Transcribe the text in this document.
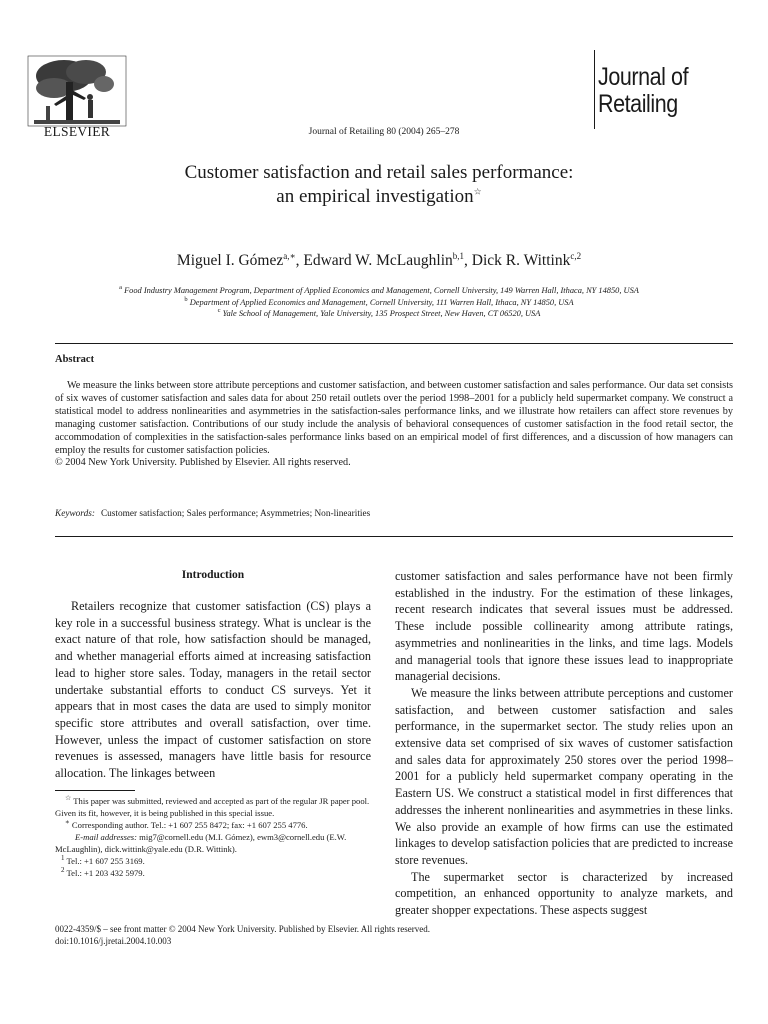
ELSEVIER	Journal of Retailing 80 (2004) 265–278
Journal of
Retailing
Customer satisfaction and retail sales performance:
an empirical investigation☆
Miguel I. Gómez$^{a,∗}$, Edward W. McLaughlin$^{b,1}$, Dick R. Wittink$^{c,2}$
$^a$ Food Industry Management Program, Department of Applied Economics and Management, Cornell University, 149 Warren Hall, Ithaca, NY 14850, USA
$^b$ Department of Applied Economics and Management, Cornell University, 111 Warren Hall, Ithaca, NY 14850, USA
$^c$ Yale School of Management, Yale University, 135 Prospect Street, New Haven, CT 06520, USA
Abstract

We measure the links between store attribute perceptions and customer satisfaction, and between customer satisfaction and sales performance. Our data set consists of six waves of customer satisfaction and sales data for about 250 retail outlets over the period 1998–2001 for a publicly held supermarket company. We construct a statistical model to address nonlinearities and asymmetries in the satisfaction-sales performance links, and we illustrate how retailers can affect store revenues by managing customer satisfaction. Contributions of our study include the analysis of behavioral consequences of customer satisfaction in the food retail sector, the accommodation of complexities in the satisfaction-sales performance links based on an empirical model of first differences, and a discussion of how managers can employ the results for customer satisfaction policies.

© 2004 New York University. Published by Elsevier. All rights reserved.

Keywords: Customer satisfaction; Sales performance; Asymmetries; Non-linearities
Introduction

Retailers recognize that customer satisfaction (CS) plays a key role in a successful business strategy. What is unclear is the exact nature of that role, how satisfaction should be managed, and whether managerial efforts aimed at increasing satisfaction lead to higher store sales. Today, managers in the retail sector undertake substantial efforts to conduct CS surveys. Yet it appears that in most cases the data are used to simply monitor specific store attributes and overall satisfaction, over time. However, unless the impact of customer satisfaction on store revenues is assessed, managers have little basis for resource allocation. The linkages between

customer satisfaction and sales performance have not been firmly established in the industry. For the estimation of these linkages, recent research indicates that several issues must be addressed. These include possible collinearity among attribute ratings, asymmetries and nonlinearities in the links, and time lags. Models and managerial tools that ignore these issues lead to inappropriate managerial decisions.

We measure the links between attribute perceptions and customer satisfaction, and between customer satisfaction and sales performance, in the supermarket sector. The study relies upon an extensive data set comprised of six waves of customer satisfaction and sales data for approximately 250 stores over the period 1998–2001 for a publicly held supermarket company operating in the Eastern US. We construct a statistical model in first differences that addresses the inherent nonlinearities and asymmetries in these links. We also provide an example of how firms can use the estimated linkages to develop satisfaction policies that are predicted to increase store revenues.

The supermarket sector is characterized by increased competition, an enhanced opportunity to analyze markets, and greater shopper expectations. These aspects suggest

☆ This paper was submitted, reviewed and accepted as part of the regular JR paper pool. Given its fit, however, it is being published in this special issue.
∗ Corresponding author. Tel.: +1 607 255 8472; fax: +1 607 255 4776.
E-mail addresses: mig7@cornell.edu (M.I. Gómez), ewm3@cornell.edu (E.W. McLaughlin), dick.wittink@yale.edu (D.R. Wittink).
$^1$ Tel.: +1 607 255 3169.
$^2$ Tel.: +1 203 432 5979.
0022-4359/$ – see front matter © 2004 New York University. Published by Elsevier. All rights reserved.
doi:10.1016/j.jretai.2004.10.003
